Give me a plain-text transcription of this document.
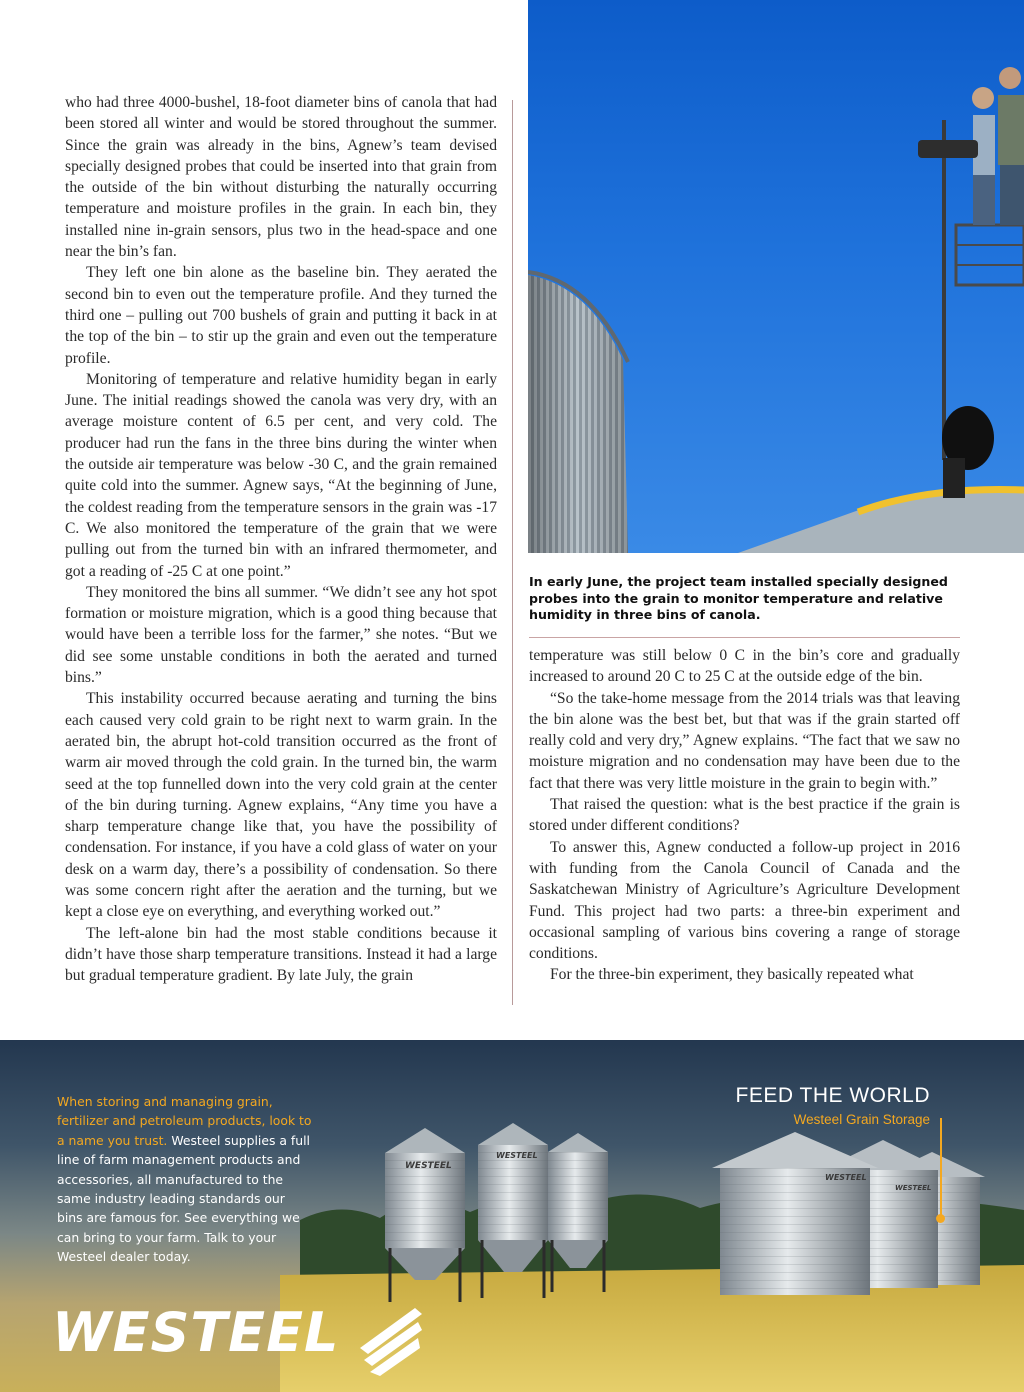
who had three 4000-bushel, 18-foot diameter bins of canola that had been stored all winter and would be stored throughout the summer. Since the grain was already in the bins, Agnew’s team devised specially designed probes that could be inserted into that grain from the outside of the bin without disturbing the naturally occurring temperature and moisture profiles in the grain. In each bin, they installed nine in-grain sensors, plus two in the head-space and one near the bin’s fan.

They left one bin alone as the baseline bin. They aerated the second bin to even out the temperature profile. And they turned the third one – pulling out 700 bushels of grain and putting it back in at the top of the bin – to stir up the grain and even out the temperature profile.

Monitoring of temperature and relative humidity began in early June. The initial readings showed the canola was very dry, with an average moisture content of 6.5 per cent, and very cold. The producer had run the fans in the three bins during the winter when the outside air temperature was below -30 C, and the grain remained quite cold into the summer. Agnew says, “At the beginning of June, the coldest reading from the temperature sensors in the grain was -17 C. We also monitored the temperature of the grain that we were pulling out from the turned bin with an infrared thermometer, and got a reading of -25 C at one point.”

They monitored the bins all summer. “We didn’t see any hot spot formation or moisture migration, which is a good thing because that would have been a terrible loss for the farmer,” she notes. “But we did see some unstable conditions in both the aerated and turned bins.”

This instability occurred because aerating and turning the bins each caused very cold grain to be right next to warm grain. In the aerated bin, the abrupt hot-cold transition occurred as the front of warm air moved through the cold grain. In the turned bin, the warm seed at the top funnelled down into the very cold grain at the center of the bin during turning. Agnew explains, “Any time you have a sharp temperature change like that, you have the possibility of condensation. For instance, if you have a cold glass of water on your desk on a warm day, there’s a possibility of condensation. So there was some concern right after the aeration and the turning, but we kept a close eye on everything, and everything worked out.”

The left-alone bin had the most stable conditions because it didn’t have those sharp temperature transitions. Instead it had a large but gradual temperature gradient. By late July, the grain

In early June, the project team installed specially designed probes into the grain to monitor temperature and relative humidity in three bins of canola.

temperature was still below 0 C in the bin’s core and gradually increased to around 20 C to 25 C at the outside edge of the bin.

“So the take-home message from the 2014 trials was that leaving the bin alone was the best bet, but that was if the grain started off really cold and very dry,” Agnew explains. “The fact that we saw no moisture migration and no condensation may have been due to the fact that there was very little moisture in the grain to begin with.”

That raised the question: what is the best practice if the grain is stored under different conditions?

To answer this, Agnew conducted a follow-up project in 2016 with funding from the Canola Council of Canada and the Saskatchewan Ministry of Agriculture’s Agriculture Development Fund. This project had two parts: a three-bin experiment and occasional sampling of various bins covering a range of storage conditions.

For the three-bin experiment, they basically repeated what

WESTEEL
WESTEEL
WESTEEL
WESTEEL
When storing and managing grain, fertilizer and petroleum products, look to a name you trust. Westeel supplies a full line of farm management products and accessories, all manufactured to the same industry leading standards our bins are famous for. See everything we can bring to your farm. Talk to your Westeel dealer today.
FEED THE WORLD
Westeel Grain Storage
WESTEEL
